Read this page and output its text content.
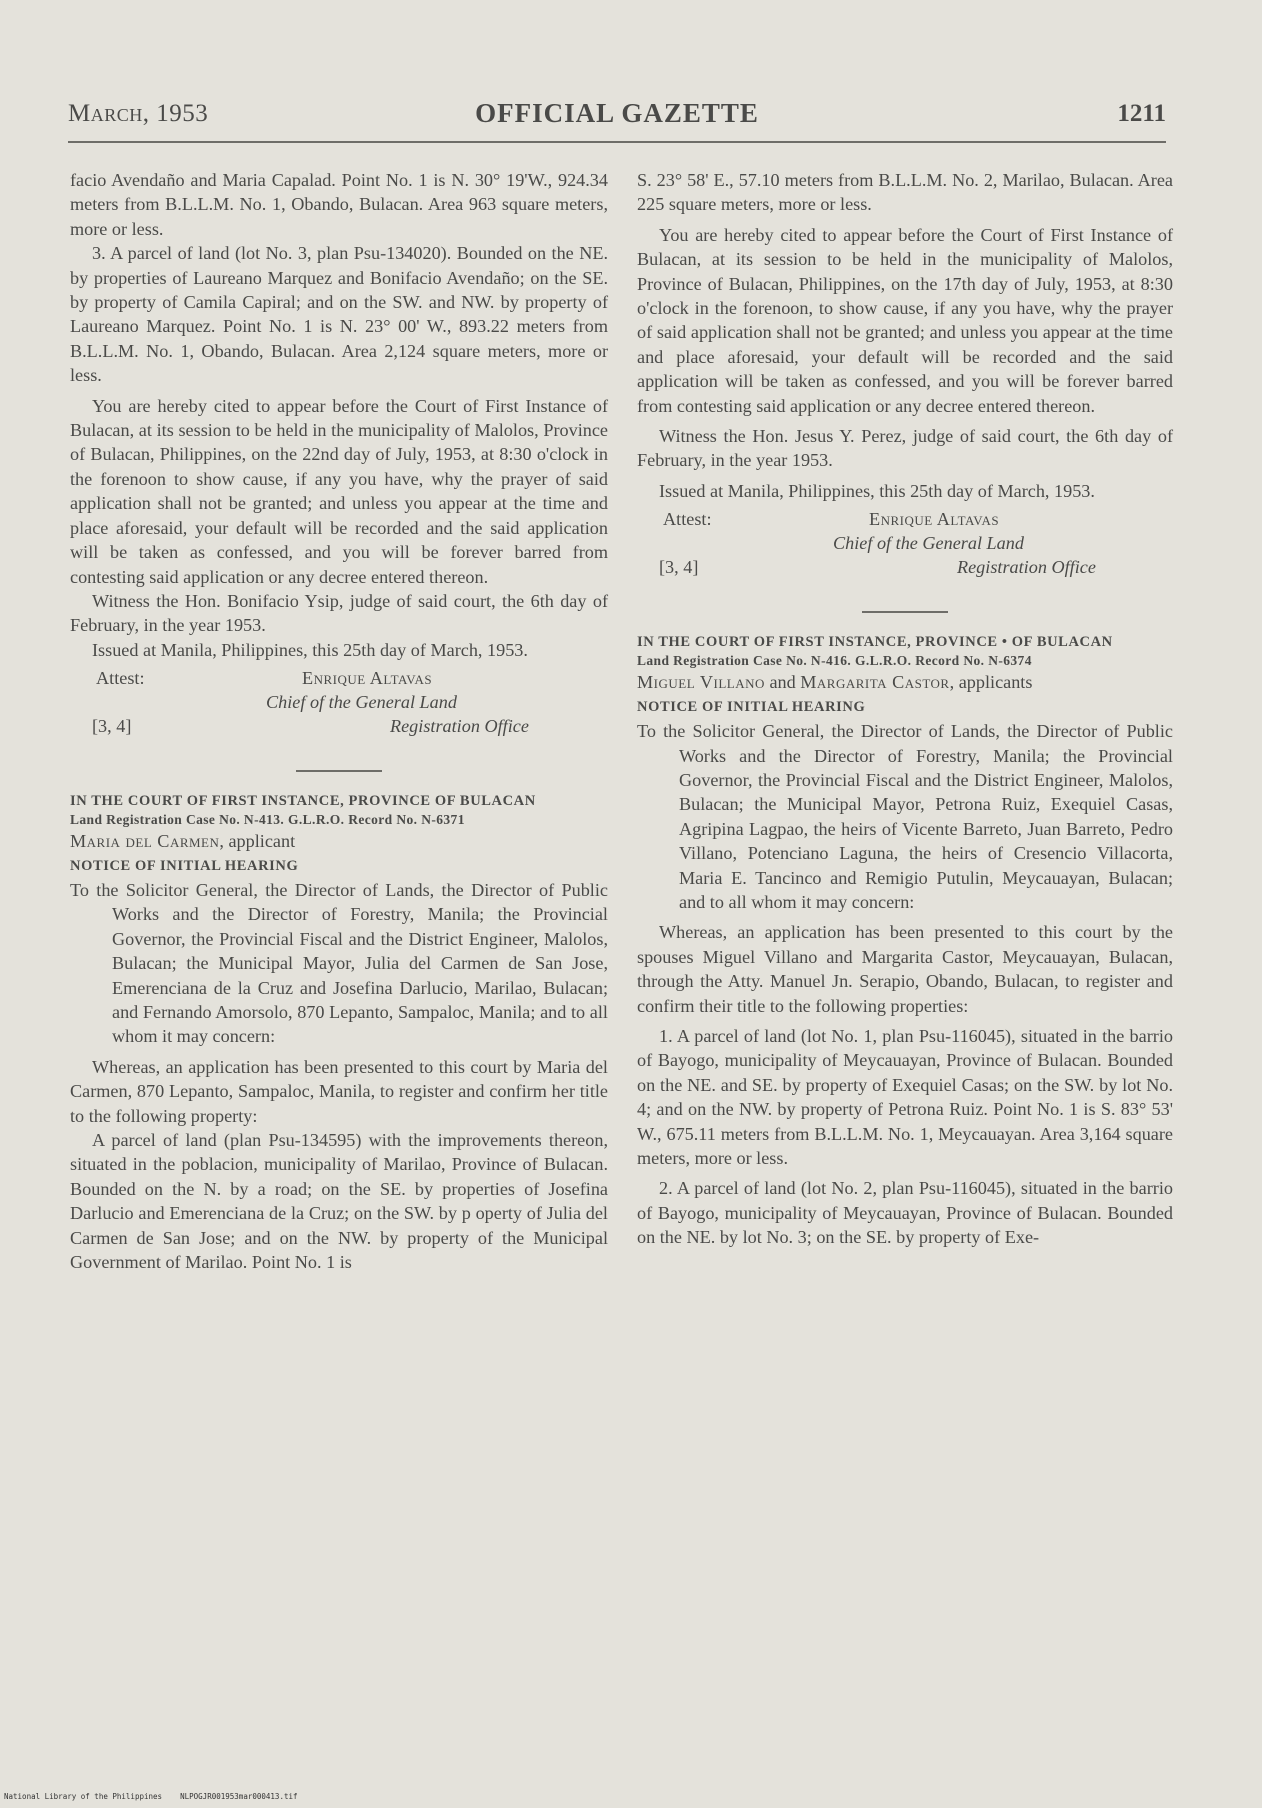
March, 1953	OFFICIAL GAZETTE	1211

facio Avendaño and Maria Capalad. Point No. 1 is N. 30° 19'W., 924.34 meters from B.L.L.M. No. 1, Obando, Bulacan. Area 963 square meters, more or less.

3. A parcel of land (lot No. 3, plan Psu-134020). Bounded on the NE. by properties of Laureano Marquez and Bonifacio Avendaño; on the SE. by property of Camila Capiral; and on the SW. and NW. by property of Laureano Marquez. Point No. 1 is N. 23° 00' W., 893.22 meters from B.L.L.M. No. 1, Obando, Bulacan. Area 2,124 square meters, more or less.

You are hereby cited to appear before the Court of First Instance of Bulacan, at its session to be held in the municipality of Malolos, Province of Bulacan, Philippines, on the 22nd day of July, 1953, at 8:30 o'clock in the forenoon to show cause, if any you have, why the prayer of said application shall not be granted; and unless you appear at the time and place aforesaid, your default will be recorded and the said application will be taken as confessed, and you will be forever barred from contesting said application or any decree entered thereon.

Witness the Hon. Bonifacio Ysip, judge of said court, the 6th day of February, in the year 1953.

Issued at Manila, Philippines, this 25th day of March, 1953.

Attest:	Enrique Altavas
Chief of the General Land
[3, 4]	Registration Office

IN THE COURT OF FIRST INSTANCE, PROVINCE OF BULACAN

Land Registration Case No. N-413. G.L.R.O. Record No. N-6371

Maria del Carmen, applicant

NOTICE OF INITIAL HEARING

To the Solicitor General, the Director of Lands, the Director of Public Works and the Director of Forestry, Manila; the Provincial Governor, the Provincial Fiscal and the District Engineer, Malolos, Bulacan; the Municipal Mayor, Julia del Carmen de San Jose, Emerenciana de la Cruz and Josefina Darlucio, Marilao, Bulacan; and Fernando Amorsolo, 870 Lepanto, Sampaloc, Manila; and to all whom it may concern:

Whereas, an application has been presented to this court by Maria del Carmen, 870 Lepanto, Sampaloc, Manila, to register and confirm her title to the following property:

A parcel of land (plan Psu-134595) with the improvements thereon, situated in the poblacion, municipality of Marilao, Province of Bulacan. Bounded on the N. by a road; on the SE. by properties of Josefina Darlucio and Emerenciana de la Cruz; on the SW. by p operty of Julia del Carmen de San Jose; and on the NW. by property of the Municipal Government of Marilao. Point No. 1 is

S. 23° 58' E., 57.10 meters from B.L.L.M. No. 2, Marilao, Bulacan. Area 225 square meters, more or less.

You are hereby cited to appear before the Court of First Instance of Bulacan, at its session to be held in the municipality of Malolos, Province of Bulacan, Philippines, on the 17th day of July, 1953, at 8:30 o'clock in the forenoon, to show cause, if any you have, why the prayer of said application shall not be granted; and unless you appear at the time and place aforesaid, your default will be recorded and the said application will be taken as confessed, and you will be forever barred from contesting said application or any decree entered thereon.

Witness the Hon. Jesus Y. Perez, judge of said court, the 6th day of February, in the year 1953.

Issued at Manila, Philippines, this 25th day of March, 1953.

Attest:	Enrique Altavas
Chief of the General Land
[3, 4]	Registration Office

IN THE COURT OF FIRST INSTANCE, PROVINCE • OF BULACAN

Land Registration Case No. N-416. G.L.R.O. Record No. N-6374

Miguel Villano and Margarita Castor, applicants

NOTICE OF INITIAL HEARING

To the Solicitor General, the Director of Lands, the Director of Public Works and the Director of Forestry, Manila; the Provincial Governor, the Provincial Fiscal and the District Engineer, Malolos, Bulacan; the Municipal Mayor, Petrona Ruiz, Exequiel Casas, Agripina Lagpao, the heirs of Vicente Barreto, Juan Barreto, Pedro Villano, Potenciano Laguna, the heirs of Cresencio Villacorta, Maria E. Tancinco and Remigio Putulin, Meycauayan, Bulacan; and to all whom it may concern:

Whereas, an application has been presented to this court by the spouses Miguel Villano and Margarita Castor, Meycauayan, Bulacan, through the Atty. Manuel Jn. Serapio, Obando, Bulacan, to register and confirm their title to the following properties:

1. A parcel of land (lot No. 1, plan Psu-116045), situated in the barrio of Bayogo, municipality of Meycauayan, Province of Bulacan. Bounded on the NE. and SE. by property of Exequiel Casas; on the SW. by lot No. 4; and on the NW. by property of Petrona Ruiz. Point No. 1 is S. 83° 53' W., 675.11 meters from B.L.L.M. No. 1, Meycauayan. Area 3,164 square meters, more or less.

2. A parcel of land (lot No. 2, plan Psu-116045), situated in the barrio of Bayogo, municipality of Meycauayan, Province of Bulacan. Bounded on the NE. by lot No. 3; on the SE. by property of Exe-

National Library of the Philippines    NLPOGJR001953mar000413.tif
